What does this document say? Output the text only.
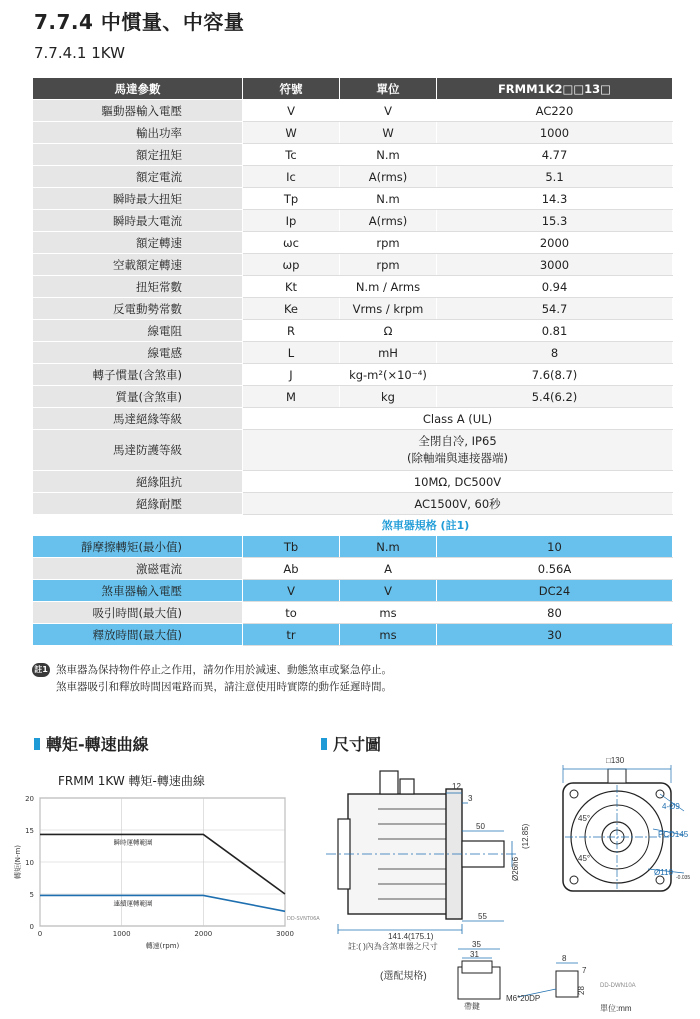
7.7.4 中慣量、中容量
7.7.4.1 1KW
馬達參數	符號	單位	FRMM1K2□□13□
驅動器輸入電壓	V	V	AC220
輸出功率	W	W	1000
額定扭矩	Tc	N.m	4.77
額定電流	Ic	A(rms)	5.1
瞬時最大扭矩	Tp	N.m	14.3
瞬時最大電流	Ip	A(rms)	15.3
額定轉速	ωc	rpm	2000
空載額定轉速	ωp	rpm	3000
扭矩常數	Kt	N.m / Arms	0.94
反電動勢常數	Ke	Vrms / krpm	54.7
線電阻	R	Ω	0.81
線電感	L	mH	8
轉子慣量(含煞車)	J	kg-m²(×10⁻⁴)	7.6(8.7)
質量(含煞車)	M	kg	5.4(6.2)
馬達絕緣等級	Class A (UL)		
馬達防護等級	全閉自冷, IP65
(除軸端與連接器端)		

絕緣阻抗	10MΩ, DC500V		
絕緣耐壓	AC1500V, 60秒		
煞車器規格 (註1)			
靜摩擦轉矩(最小值)	Tb	N.m	10
激磁電流	Ab	A	0.56A
煞車器輸入電壓	V	V	DC24
吸引時間(最大值)	to	ms	80
釋放時間(最大值)	tr	ms	30
註1 煞車器為保持物件停止之作用，請勿作用於減速、動態煞車或緊急停止。
煞車器吸引和釋放時間因電路而異，請注意使用時實際的動作延遲時間。
轉矩-轉速曲線	尺寸圖
FRMM 1KW 轉矩-轉速曲線
0
5
10
15
20
0	1000	2000	3000
瞬時運轉範圍
連續運轉範圍
轉速(rpm)
轉矩(N-m)
DD-SVNT06A
141.4(175.1)
註:( )內為含煞車器之尺寸
12
3
50
55
Ø26h6
(12.85)
□130
4-Ø9
PCD145
Ø110
-0.035
45°
45°
(選配規格)
35
31
帶鍵
8
7
28
M6*20DP
DD-DWN10A
單位:mm
